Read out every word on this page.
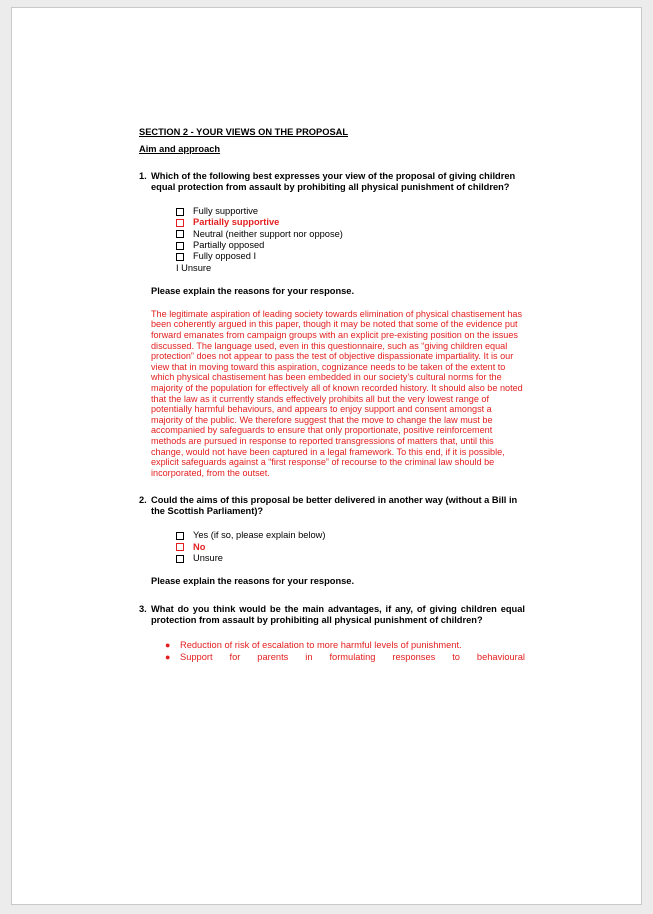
SECTION 2 - YOUR VIEWS ON THE PROPOSAL

Aim and approach

1. Which of the following best expresses your view of the proposal of giving children equal protection from assault by prohibiting all physical punishment of children?
Fully supportive
Partially supportive
Neutral (neither support nor oppose)
Partially opposed
Fully opposed I
I Unsure

Please explain the reasons for your response.

The legitimate aspiration of leading society towards elimination of physical chastisement has been coherently argued in this paper, though it may be noted that some of the evidence put forward emanates from campaign groups with an explicit pre-existing position on the issues discussed. The language used, even in this questionnaire, such as “giving children equal protection” does not appear to pass the test of objective dispassionate impartiality. It is our view that in moving toward this aspiration, cognizance needs to be taken of the extent to which physical chastisement has been embedded in our society’s cultural norms for the majority of the population for effectively all of known recorded history. It should also be noted that the law as it currently stands effectively prohibits all but the very lowest range of potentially harmful behaviours, and appears to enjoy support and consent amongst a majority of the public. We therefore suggest that the move to change the law must be accompanied by safeguards to ensure that only proportionate, positive reinforcement methods are pursued in response to reported transgressions of matters that, until this change, would not have been captured in a legal framework. To this end, if it is possible, explicit safeguards against a “first response” of recourse to the criminal law should be incorporated, from the outset.

2. Could the aims of this proposal be better delivered in another way (without a Bill in the Scottish Parliament)?
Yes (if so, please explain below)
No
Unsure

Please explain the reasons for your response.

3. What do you think would be the main advantages, if any, of giving children equal protection from assault by prohibiting all physical punishment of children?
●	Reduction of risk of escalation to more harmful levels of punishment.
●	Support for parents in formulating responses to behavioural
